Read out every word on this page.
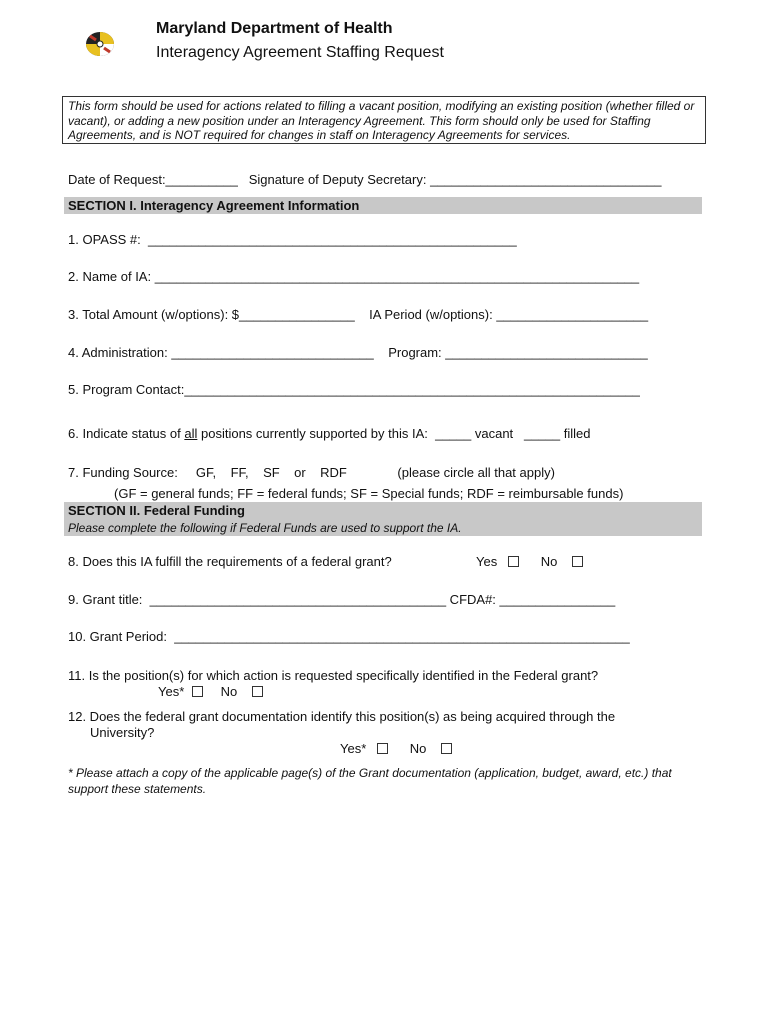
Maryland Department of Health
Interagency Agreement Staffing Request
This form should be used for actions related to filling a vacant position, modifying an existing position (whether filled or vacant), or adding a new position under an Interagency Agreement. This form should only be used for Staffing Agreements, and is NOT required for changes in staff on Interagency Agreements for services.
Date of Request:__________   Signature of Deputy Secretary: ________________________________
SECTION I. Interagency Agreement Information
1. OPASS #:  ___________________________________________________
2. Name of IA: ___________________________________________________________________
3. Total Amount (w/options): $________________    IA Period (w/options): _____________________
4. Administration: ____________________________    Program: ____________________________
5. Program Contact:_______________________________________________________________
6. Indicate status of all positions currently supported by this IA:  _____ vacant   _____ filled
7. Funding Source:     GF,    FF,    SF    or    RDF              (please circle all that apply)
(GF = general funds; FF = federal funds; SF = Special funds; RDF = reimbursable funds)
SECTION II. Federal Funding
Please complete the following if Federal Funds are used to support the IA.
8. Does this IA fulfill the requirements of a federal grant?	Yes	No
9. Grant title:  _________________________________________ CFDA#: ________________
10. Grant Period:  _______________________________________________________________
11. Is the position(s) for which action is requested specifically identified in the Federal grant?
Yes*	No
12. Does the federal grant documentation identify this position(s) as being acquired through the
University?
Yes*	No
* Please attach a copy of the applicable page(s) of the Grant documentation (application, budget, award, etc.) that support these statements.
